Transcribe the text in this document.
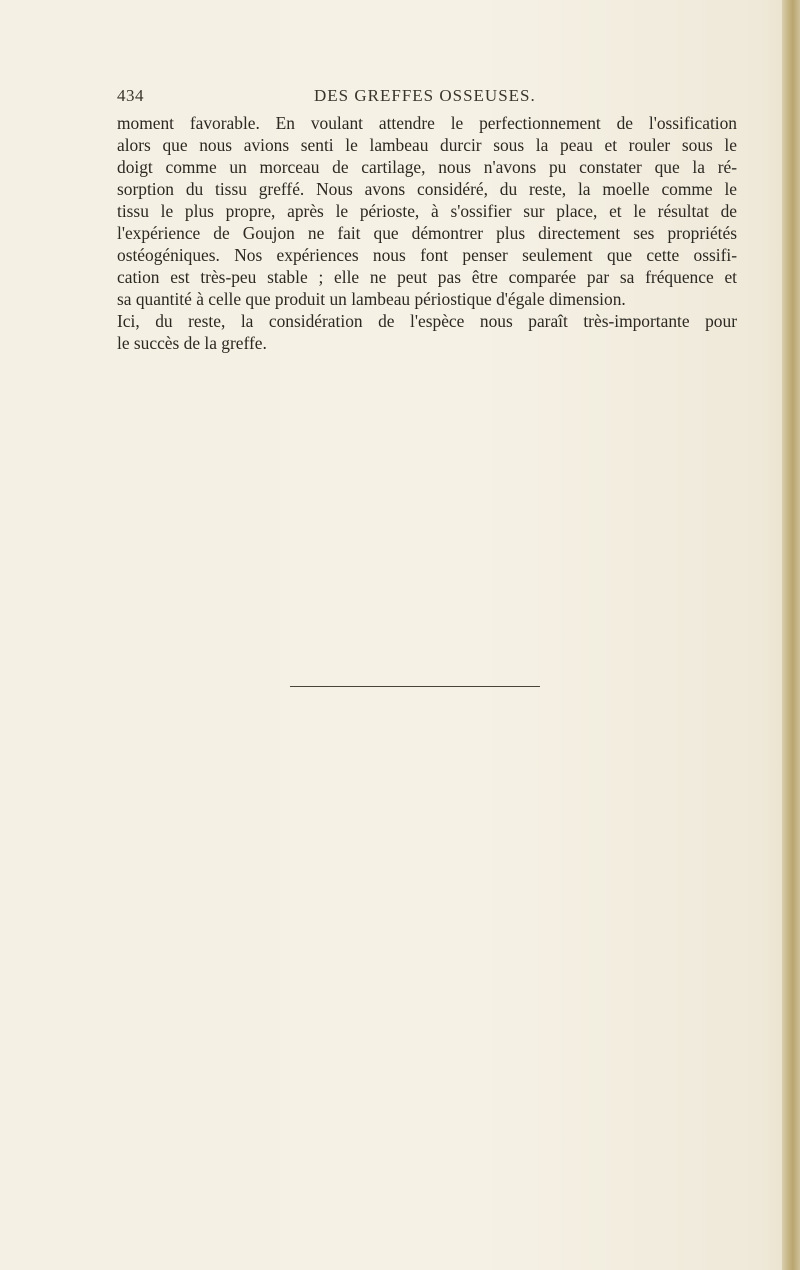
434	DES GREFFES OSSEUSES.
moment favorable. En voulant attendre le perfectionnement de l'ossification
alors que nous avions senti le lambeau durcir sous la peau et rouler sous le
doigt comme un morceau de cartilage, nous n'avons pu constater que la ré-
sorption du tissu greffé. Nous avons considéré, du reste, la moelle comme le
tissu le plus propre, après le périoste, à s'ossifier sur place, et le résultat de
l'expérience de Goujon ne fait que démontrer plus directement ses propriétés
ostéogéniques. Nos expériences nous font penser seulement que cette ossifi-
cation est très-peu stable ; elle ne peut pas être comparée par sa fréquence et
sa quantité à celle que produit un lambeau périostique d'égale dimension.
Ici, du reste, la considération de l'espèce nous paraît très-importante pour
le succès de la greffe.
